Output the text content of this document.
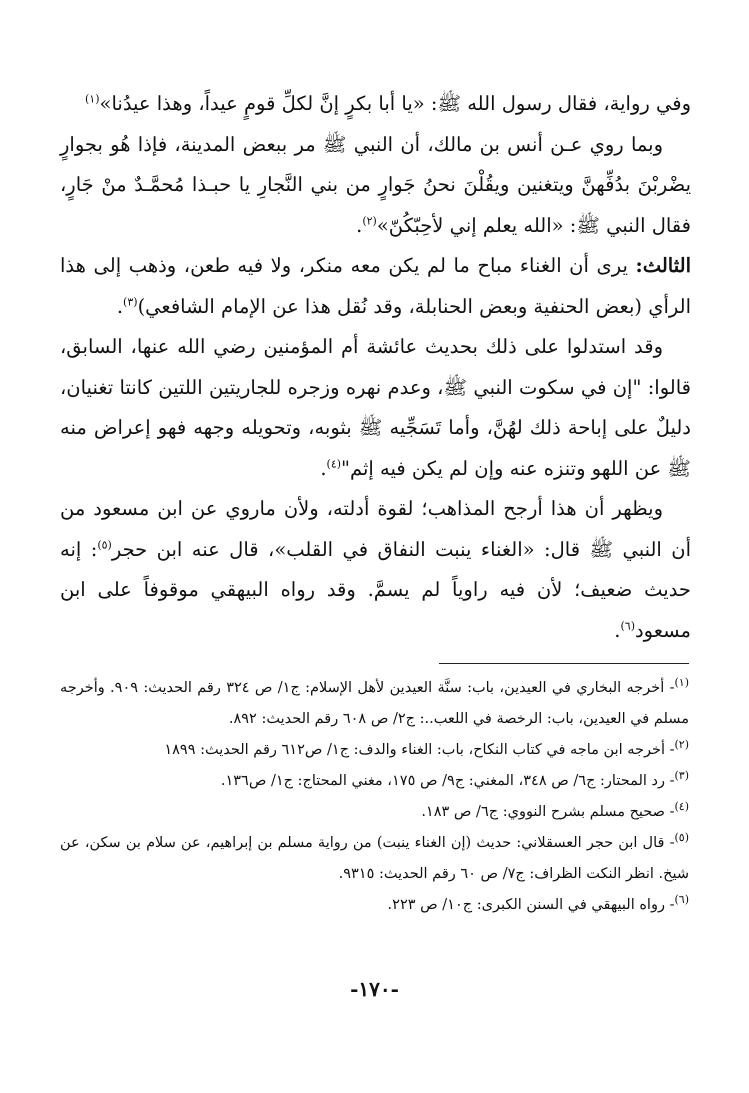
وفي رواية، فقال رسول الله ﷺ: «يا أبا بكرٍ إنَّ لكلِّ قومٍ عيداً، وهذا عيدُنا»$^{(١)}$

وبما روي عـن أنس بن مالك، أن النبي ﷺ مر ببعض المدينة، فإذا هُو بجوارٍ يضْربْنَ بدُفِّهنَّ ويتغنين ويقُلْنَ نحنُ جَوارٍ من بني النَّجارِ يا حبـذا مُحمَّـدٌ منْ جَارٍ، فقال النبي ﷺ: «الله يعلم إني لأحِبّكُنّ»$^{(٢)}$.

الثالث: يرى أن الغناء مباح ما لم يكن معه منكر، ولا فيه طعن، وذهب إلى هذا الرأي (بعض الحنفية وبعض الحنابلة، وقد نُقل هذا عن الإمام الشافعي)$^{(٣)}$.

وقد استدلوا على ذلك بحديث عائشة أم المؤمنين رضي الله عنها، السابق، قالوا: "إن في سكوت النبي ﷺ، وعدم نهره وزجره للجاريتين اللتين كانتا تغنيان، دليلٌ على إباحة ذلك لهُنَّ، وأما تَسَجِّيه ﷺ بثوبه، وتحويله وجهه فهو إعراض منه ﷺ عن اللهو وتنزه عنه وإن لم يكن فيه إثم"$^{(٤)}$.

ويظهر أن هذا أرجح المذاهب؛ لقوة أدلته، ولأن ماروي عن ابن مسعود من أن النبي ﷺ قال: «الغناء ينبت النفاق في القلب»، قال عنه ابن حجر$^{(٥)}$: إنه حديث ضعيف؛ لأن فيه راوياً لم يسمَّ. وقد رواه البيهقي موقوفاً على ابن مسعود$^{(٦)}$.

$^{(١)}$- أخرجه البخاري في العيدين، باب: سنَّة العيدين لأهل الإسلام: ج١/ ص ٣٢٤ رقم الحديث: ٩٠٩. وأخرجه مسلم في العيدين، باب: الرخصة في اللعب..: ج٢/ ص ٦٠٨ رقم الحديث: ٨٩٢.

$^{(٢)}$- أخرجه ابن ماجه في كتاب النكاح، باب: الغناء والدف: ج١/ ص٦١٢ رقم الحديث: ١٨٩٩

$^{(٣)}$- رد المحتار: ج٦/ ص ٣٤٨، المغني: ج٩/ ص ١٧٥، مغني المحتاج: ج١/ ص١٣٦.

$^{(٤)}$- صحيح مسلم بشرح النووي: ج٦/ ص ١٨٣.

$^{(٥)}$- قال ابن حجر العسقلاني: حديث (إن الغناء ينبت) من رواية مسلم بن إبراهيم، عن سلام بن سكن، عن شيخ. انظر النكت الظراف: ج٧/ ص ٦٠ رقم الحديث: ٩٣١٥.

$^{(٦)}$- رواه البيهقي في السنن الكبرى: ج١٠/ ص ٢٢٣.

-١٧٠-
